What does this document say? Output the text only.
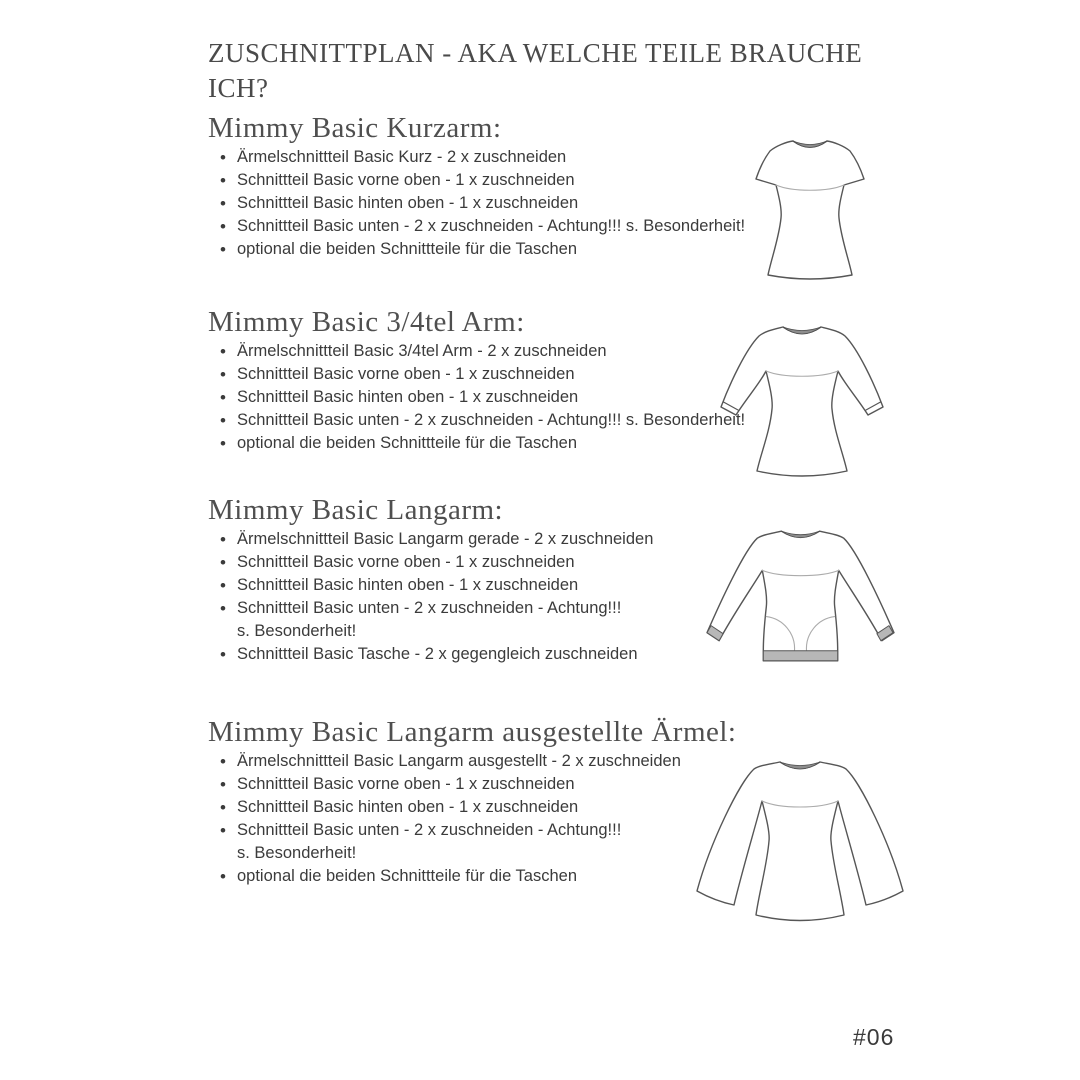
ZUSCHNITTPLAN - AKA WELCHE TEILE BRAUCHE
ICH?
Mimmy Basic Kurzarm:
• Ärmelschnittteil Basic Kurz - 2 x zuschneiden
• Schnittteil Basic vorne oben - 1 x zuschneiden
• Schnittteil Basic hinten oben - 1 x zuschneiden
• Schnittteil Basic unten - 2 x zuschneiden - Achtung!!! s. Besonderheit!
• optional die beiden Schnittteile für die Taschen
Mimmy Basic 3/4tel Arm:
• Ärmelschnittteil Basic 3/4tel Arm - 2 x zuschneiden
• Schnittteil Basic vorne oben - 1 x zuschneiden
• Schnittteil Basic hinten oben - 1 x zuschneiden
• Schnittteil Basic unten - 2 x zuschneiden - Achtung!!! s. Besonderheit!
• optional die beiden Schnittteile für die Taschen
Mimmy Basic Langarm:
• Ärmelschnittteil Basic Langarm gerade - 2 x zuschneiden
• Schnittteil Basic vorne oben - 1 x zuschneiden
• Schnittteil Basic hinten oben - 1 x zuschneiden
• Schnittteil Basic unten - 2 x zuschneiden - Achtung!!!
s. Besonderheit!
• Schnittteil Basic Tasche - 2 x gegengleich zuschneiden
Mimmy Basic Langarm ausgestellte Ärmel:
• Ärmelschnittteil Basic Langarm ausgestellt - 2 x zuschneiden
• Schnittteil Basic vorne oben - 1 x zuschneiden
• Schnittteil Basic hinten oben - 1 x zuschneiden
• Schnittteil Basic unten - 2 x zuschneiden - Achtung!!!
s. Besonderheit!
• optional die beiden Schnittteile für die Taschen
#06
